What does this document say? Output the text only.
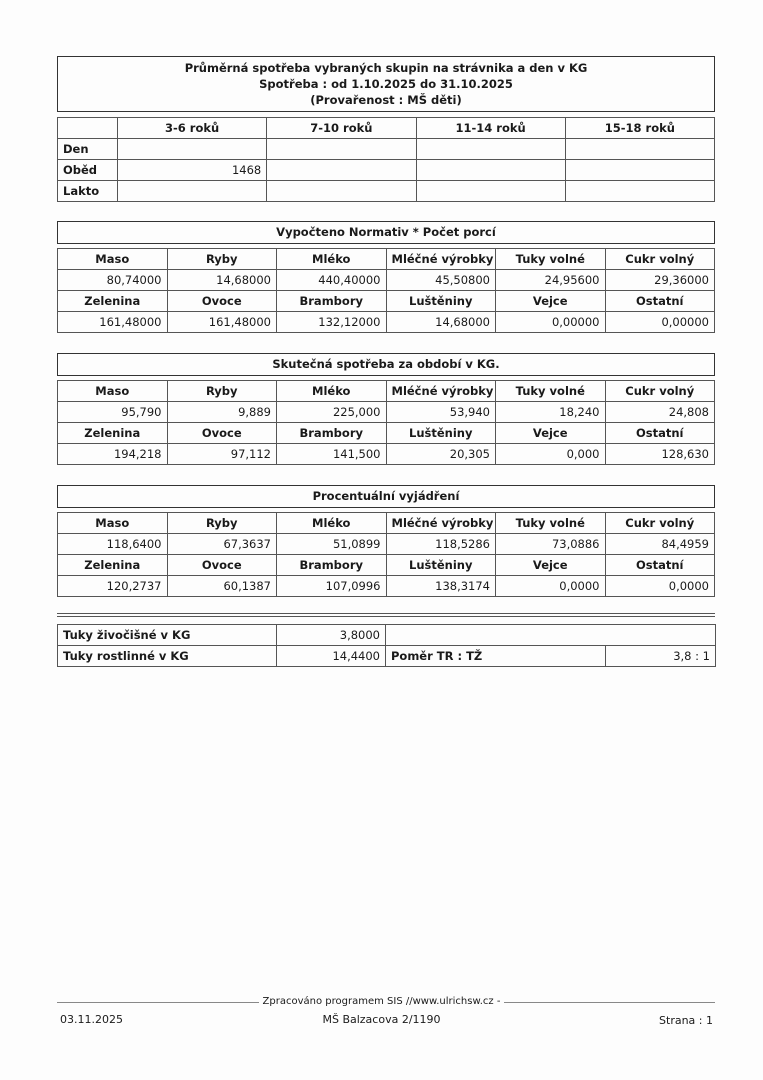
Průměrná spotřeba vybraných skupin na strávnika a den v KG
Spotřeba : od 1.10.2025 do 31.10.2025
(Provařenost : MŠ děti)
	3-6 roků	7-10 roků	11-14 roků	15-18 roků
Den				
Oběd	1468			
Lakto				
Vypočteno Normativ * Počet porcí
Maso	Ryby	Mléko	Mléčné výrobky	Tuky volné	Cukr volný
80,74000	14,68000	440,40000	45,50800	24,95600	29,36000
Zelenina	Ovoce	Brambory	Luštěniny	Vejce	Ostatní
161,48000	161,48000	132,12000	14,68000	0,00000	0,00000
Skutečná spotřeba za období v KG.
Maso	Ryby	Mléko	Mléčné výrobky	Tuky volné	Cukr volný
95,790	9,889	225,000	53,940	18,240	24,808
Zelenina	Ovoce	Brambory	Luštěniny	Vejce	Ostatní
194,218	97,112	141,500	20,305	0,000	128,630
Procentuální vyjádření
Maso	Ryby	Mléko	Mléčné výrobky	Tuky volné	Cukr volný
118,6400	67,3637	51,0899	118,5286	73,0886	84,4959
Zelenina	Ovoce	Brambory	Luštěniny	Vejce	Ostatní
120,2737	60,1387	107,0996	138,3174	0,0000	0,0000
Tuky živočišné v KG	3,8000		
Tuky rostlinné v KG	14,4400	Poměr TR : TŽ	3,8 : 1
Zpracováno programem SIS //www.ulrichsw.cz -
03.11.2025	MŠ Balzacova 2/1190	Strana : 1
